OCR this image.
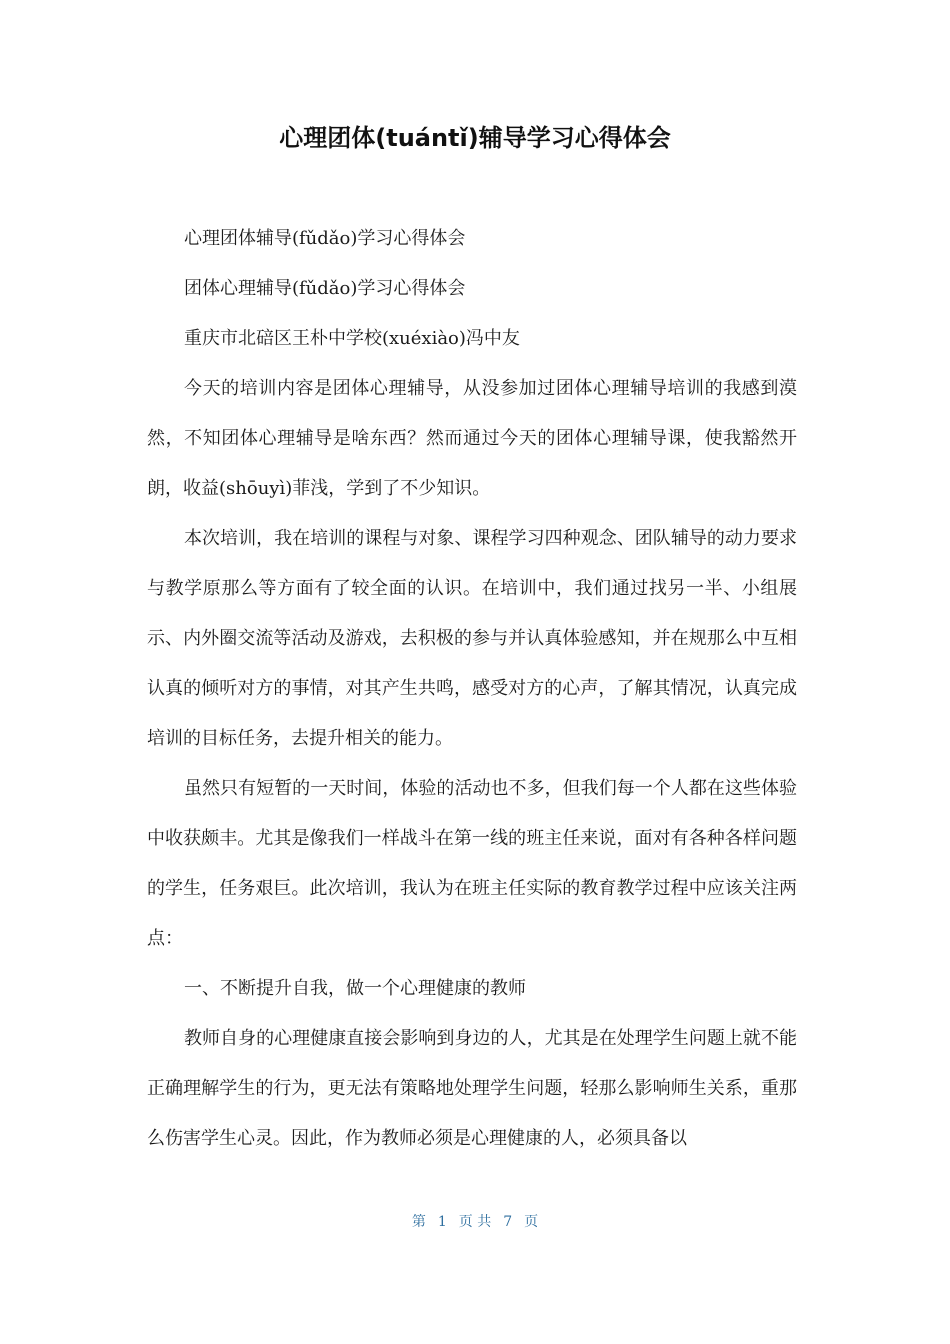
心理团体(tuántǐ)辅导学习心得体会

心理团体辅导(fǔdǎo)学习心得体会

团体心理辅导(fǔdǎo)学习心得体会

重庆市北碚区王朴中学校(xuéxiào)冯中友

今天的培训内容是团体心理辅导，从没参加过团体心理辅导培训的我感到漠然，不知团体心理辅导是啥东西？然而通过今天的团体心理辅导课，使我豁然开朗，收益(shōuyì)菲浅，学到了不少知识。

本次培训，我在培训的课程与对象、课程学习四种观念、团队辅导的动力要求与教学原那么等方面有了较全面的认识。在培训中，我们通过找另一半、小组展示、内外圈交流等活动及游戏，去积极的参与并认真体验感知，并在规那么中互相认真的倾听对方的事情，对其产生共鸣，感受对方的心声，了解其情况，认真完成培训的目标任务，去提升相关的能力。

虽然只有短暂的一天时间，体验的活动也不多，但我们每一个人都在这些体验中收获颇丰。尤其是像我们一样战斗在第一线的班主任来说，面对有各种各样问题的学生，任务艰巨。此次培训，我认为在班主任实际的教育教学过程中应该关注两点：

一、不断提升自我，做一个心理健康的教师

教师自身的心理健康直接会影响到身边的人，尤其是在处理学生问题上就不能正确理解学生的行为，更无法有策略地处理学生问题，轻那么影响师生关系，重那么伤害学生心灵。因此，作为教师必须是心理健康的人，必须具备以

第 1 页 共 7 页
